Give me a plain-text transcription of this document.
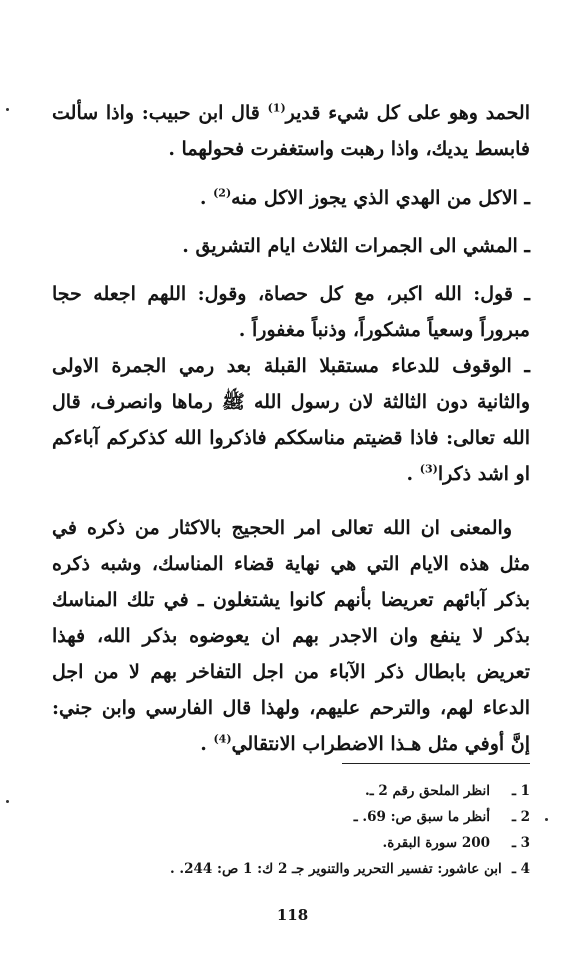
الحمد وهو على كل شيء قدير$^{(1)}$ قال ابن حبيب: واذا سألت فابسط يديك، واذا رهبت واستغفرت فحولهما .

ـ الاكل من الهدي الذي يجوز الاكل منه$^{(2)}$ .

ـ المشي الى الجمرات الثلاث ايام التشريق .

ـ قول: الله اكبر، مع كل حصاة، وقول: اللهم اجعله حجا مبروراً وسعياً مشكوراً، وذنباً مغفوراً .

ـ الوقوف للدعاء مستقبلا القبلة بعد رمي الجمرة الاولى والثانية دون الثالثة لان رسول الله ﷺ رماها وانصرف، قال الله تعالى: فاذا قضيتم مناسككم فاذكروا الله كذكركم آباءكم او اشد ذكرا$^{(3)}$ .

والمعنى ان الله تعالى امر الحجيج بالاكثار من ذكره في مثل هذه الايام التي هي نهاية قضاء المناسك، وشبه ذكره بذكر آبائهم تعريضا بأنهم كانوا يشتغلون ـ في تلك المناسك بذكر لا ينفع وان الاجدر بهم ان يعوضوه بذكر الله، فهذا تعريض بابطال ذكر الآباء من اجل التفاخر بهم لا من اجل الدعاء لهم، والترحم عليهم، ولهذا قال الفارسي وابن جني: إنَّ أوفي مثل هـذا الاضطراب الانتقالي$^{(4)}$ .

1 ـ
انظر الملحق رقم 2 ـ.
2 ـ
أنظر ما سبق ص: 69. ـ
3 ـ
200 سورة البقرة.
4 ـ
ابن عاشور: تفسير التحرير والتنوير جـ 2 ك: 1 ص: 244. .
118
